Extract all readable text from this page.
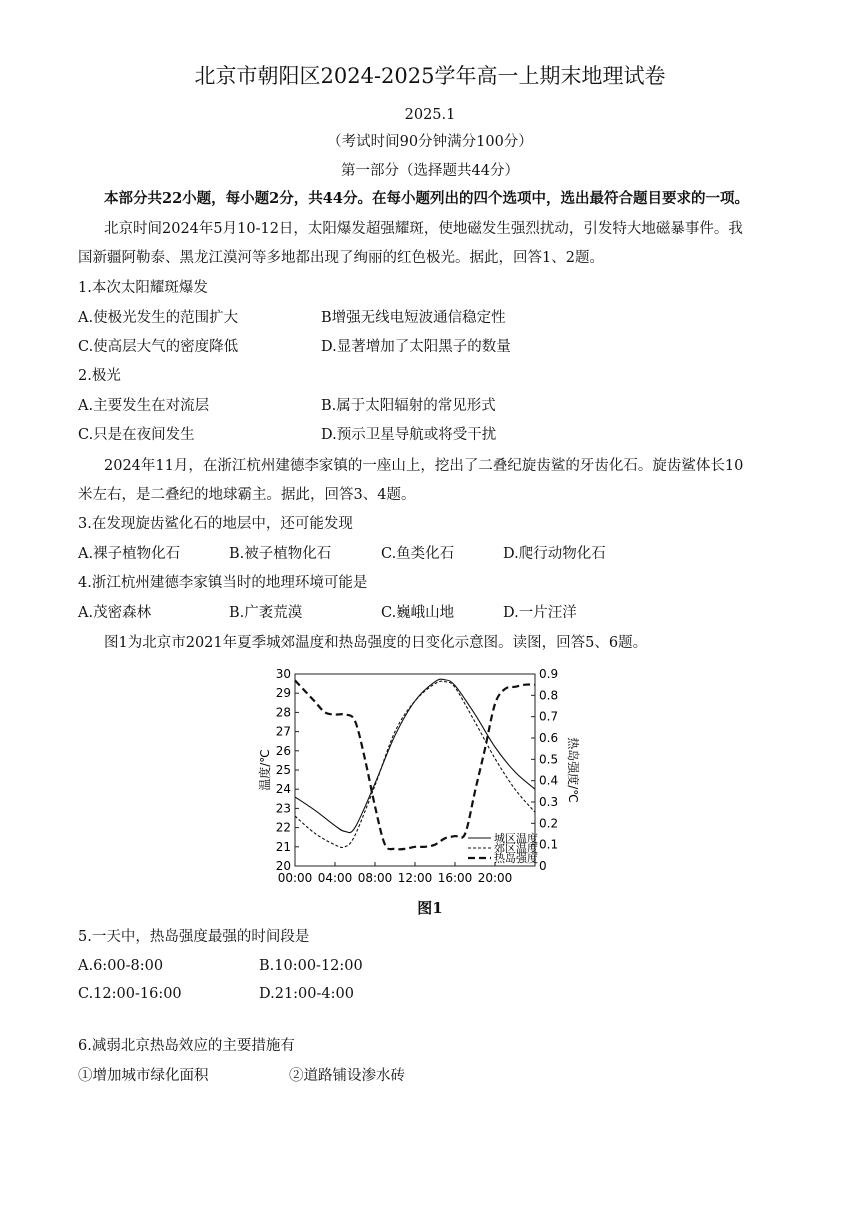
北京市朝阳区2024-2025学年高一上期末地理试卷
2025.1
（考试时间90分钟满分100分）
第一部分（选择题共44分）
本部分共22小题，每小题2分，共44分。在每小题列出的四个选项中，选出最符合题目要求的一项。
北京时间2024年5月10-12日，太阳爆发超强耀斑，使地磁发生强烈扰动，引发特大地磁暴事件。我
国新疆阿勒泰、黑龙江漠河等多地都出现了绚丽的红色极光。据此，回答1、2题。
1.本次太阳耀斑爆发
A.使极光发生的范围扩大	B增强无线电短波通信稳定性
C.使高层大气的密度降低	D.显著增加了太阳黑子的数量
2.极光
A.主要发生在对流层	B.属于太阳辐射的常见形式
C.只是在夜间发生	D.预示卫星导航或将受干扰
2024年11月，在浙江杭州建德李家镇的一座山上，挖出了二叠纪旋齿鲨的牙齿化石。旋齿鲨体长10
米左右，是二叠纪的地球霸主。据此，回答3、4题。
3.在发现旋齿鲨化石的地层中，还可能发现
A.裸子植物化石	B.被子植物化石	C.鱼类化石	D.爬行动物化石
4.浙江杭州建德李家镇当时的地理环境可能是
A.茂密森林	B.广袤荒漠	C.巍峨山地	D.一片汪洋
图1为北京市2021年夏季城郊温度和热岛强度的日变化示意图。读图，回答5、6题。
温度/℃	热岛强度/℃
20
21
22
23
24
25
26
27
28
29
30
0
0.1
0.2
0.3
0.4
0.5
0.6
0.7
0.8
0.9
00:00 04:00 08:00 12:00 16:00 20:00
城区温度
郊区温度
热岛强度
图1
5.一天中，热岛强度最强的时间段是
A.6:00-8:00	B.10:00-12:00
C.12:00-16:00	D.21:00-4:00
6.减弱北京热岛效应的主要措施有
①增加城市绿化面积	②道路铺设渗水砖
